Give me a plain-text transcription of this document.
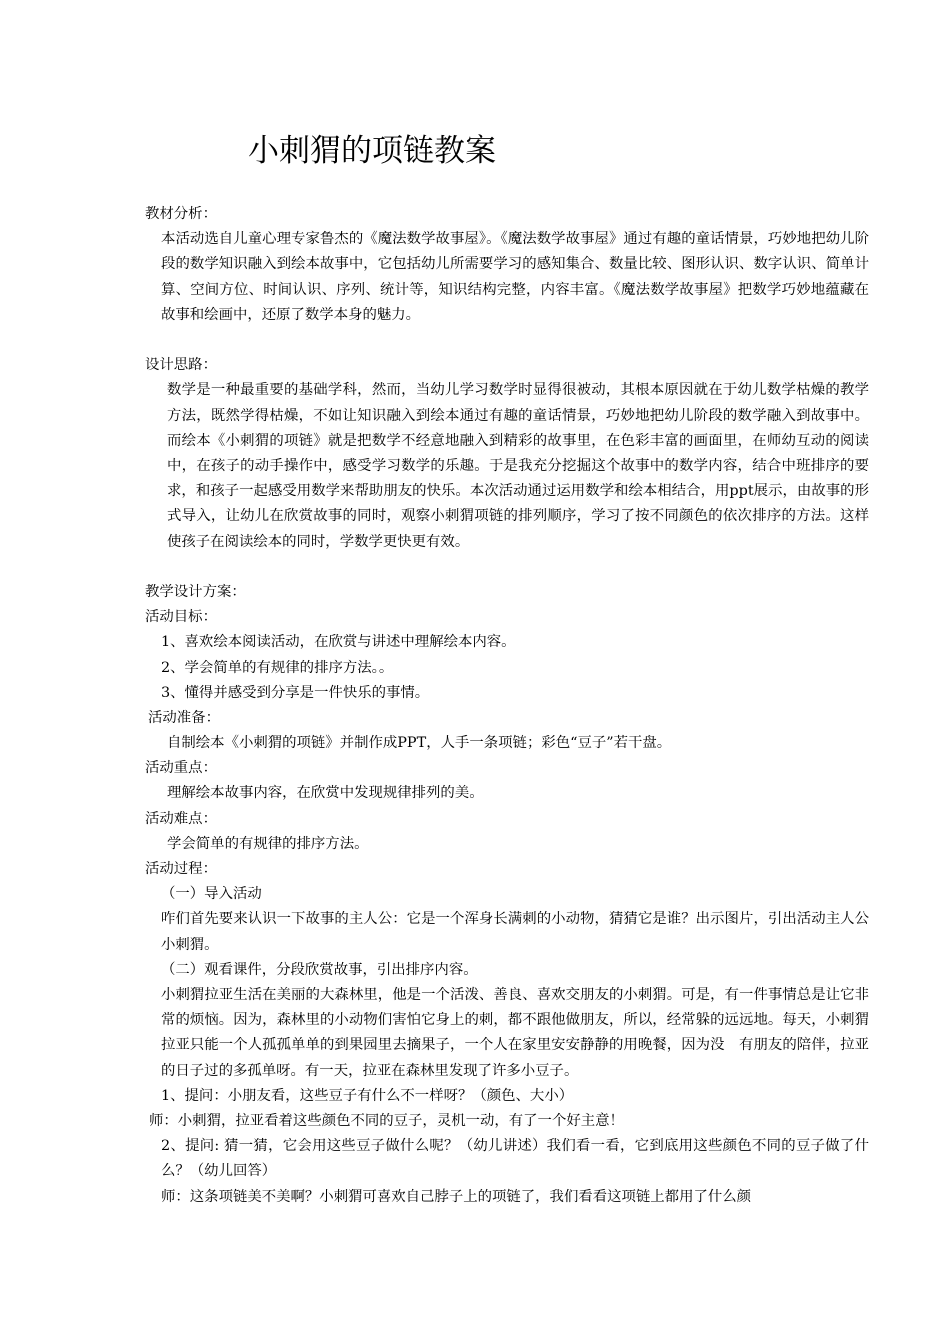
小刺猬的项链教案
教材分析：
本活动选自儿童心理专家鲁杰的《魔法数学故事屋》。《魔法数学故事屋》通过有趣的童话情景，巧妙地把幼儿阶段的数学知识融入到绘本故事中，它包括幼儿所需要学习的感知集合、数量比较、图形认识、数字认识、简单计算、空间方位、时间认识、序列、统计等，知识结构完整，内容丰富。《魔法数学故事屋》把数学巧妙地蕴藏在故事和绘画中，还原了数学本身的魅力。
设计思路：
数学是一种最重要的基础学科，然而，当幼儿学习数学时显得很被动，其根本原因就在于幼儿数学枯燥的教学方法，既然学得枯燥，不如让知识融入到绘本通过有趣的童话情景，巧妙地把幼儿阶段的数学融入到故事中。而绘本《小刺猬的项链》就是把数学不经意地融入到精彩的故事里，在色彩丰富的画面里，在师幼互动的阅读中，在孩子的动手操作中，感受学习数学的乐趣。于是我充分挖掘这个故事中的数学内容，结合中班排序的要求，和孩子一起感受用数学来帮助朋友的快乐。本次活动通过运用数学和绘本相结合，用ppt展示，由故事的形式导入，让幼儿在欣赏故事的同时，观察小刺猬项链的排列顺序，学习了按不同颜色的依次排序的方法。这样使孩子在阅读绘本的同时，学数学更快更有效。
教学设计方案：
活动目标：
1、喜欢绘本阅读活动，在欣赏与讲述中理解绘本内容。
2、学会简单的有规律的排序方法。。
3、懂得并感受到分享是一件快乐的事情。
活动准备：
自制绘本《小刺猬的项链》并制作成PPT，人手一条项链；彩色“豆子”若干盘。
活动重点：
理解绘本故事内容，在欣赏中发现规律排列的美。
活动难点：
学会简单的有规律的排序方法。
活动过程：
（一）导入活动
咋们首先要来认识一下故事的主人公：它是一个浑身长满刺的小动物，猜猜它是谁？出示图片，引出活动主人公小刺猬。
（二）观看课件，分段欣赏故事，引出排序内容。
小刺猬拉亚生活在美丽的大森林里，他是一个活泼、善良、喜欢交朋友的小刺猬。可是，有一件事情总是让它非常的烦恼。因为，森林里的小动物们害怕它身上的刺，都不跟他做朋友，所以，经常躲的远远地。每天，小刺猬拉亚只能一个人孤孤单单的到果园里去摘果子，一个人在家里安安静静的用晚餐，因为没　有朋友的陪伴，拉亚的日子过的多孤单呀。有一天，拉亚在森林里发现了许多小豆子。
1、提问：小朋友看，这些豆子有什么不一样呀？（颜色、大小）
师：小刺猬，拉亚看着这些颜色不同的豆子，灵机一动，有了一个好主意！
2、提问: 猜一猜，它会用这些豆子做什么呢？（幼儿讲述）我们看一看，它到底用这些颜色不同的豆子做了什么？（幼儿回答）
师：这条项链美不美啊？小刺猬可喜欢自己脖子上的项链了，我们看看这项链上都用了什么颜
